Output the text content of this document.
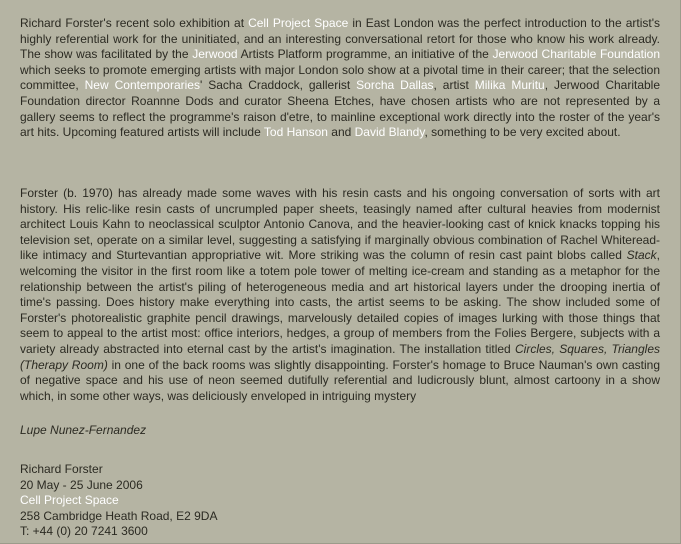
Richard Forster's recent solo exhibition at Cell Project Space in East London was the perfect introduction to the artist's highly referential work for the uninitiated, and an interesting conversational retort for those who know his work already. The show was facilitated by the Jerwood Artists Platform programme, an initiative of the Jerwood Charitable Foundation which seeks to promote emerging artists with major London solo show at a pivotal time in their career; that the selection committee, New Contemporaries' Sacha Craddock, gallerist Sorcha Dallas, artist Milika Muritu, Jerwood Charitable Foundation director Roannne Dods and curator Sheena Etches, have chosen artists who are not represented by a gallery seems to reflect the programme's raison d'etre, to mainline exceptional work directly into the roster of the year's art hits. Upcoming featured artists will include Tod Hanson and David Blandy, something to be very excited about.

Forster (b. 1970) has already made some waves with his resin casts and his ongoing conversation of sorts with art history. His relic-like resin casts of uncrumpled paper sheets, teasingly named after cultural heavies from modernist architect Louis Kahn to neoclassical sculptor Antonio Canova, and the heavier-looking cast of knick knacks topping his television set, operate on a similar level, suggesting a satisfying if marginally obvious combination of Rachel Whiteread-like intimacy and Sturtevantian appropriative wit. More striking was the column of resin cast paint blobs called Stack, welcoming the visitor in the first room like a totem pole tower of melting ice-cream and standing as a metaphor for the relationship between the artist's piling of heterogeneous media and art historical layers under the drooping inertia of time's passing. Does history make everything into casts, the artist seems to be asking. The show included some of Forster's photorealistic graphite pencil drawings, marvelously detailed copies of images lurking with those things that seem to appeal to the artist most: office interiors, hedges, a group of members from the Folies Bergere, subjects with a variety already abstracted into eternal cast by the artist's imagination. The installation titled Circles, Squares, Triangles (Therapy Room) in one of the back rooms was slightly disappointing. Forster's homage to Bruce Nauman's own casting of negative space and his use of neon seemed dutifully referential and ludicrously blunt, almost cartoony in a show which, in some other ways, was deliciously enveloped in intriguing mystery

Lupe Nunez-Fernandez

Richard Forster
20 May - 25 June 2006
Cell Project Space
258 Cambridge Heath Road, E2 9DA
T: +44 (0) 20 7241 3600
